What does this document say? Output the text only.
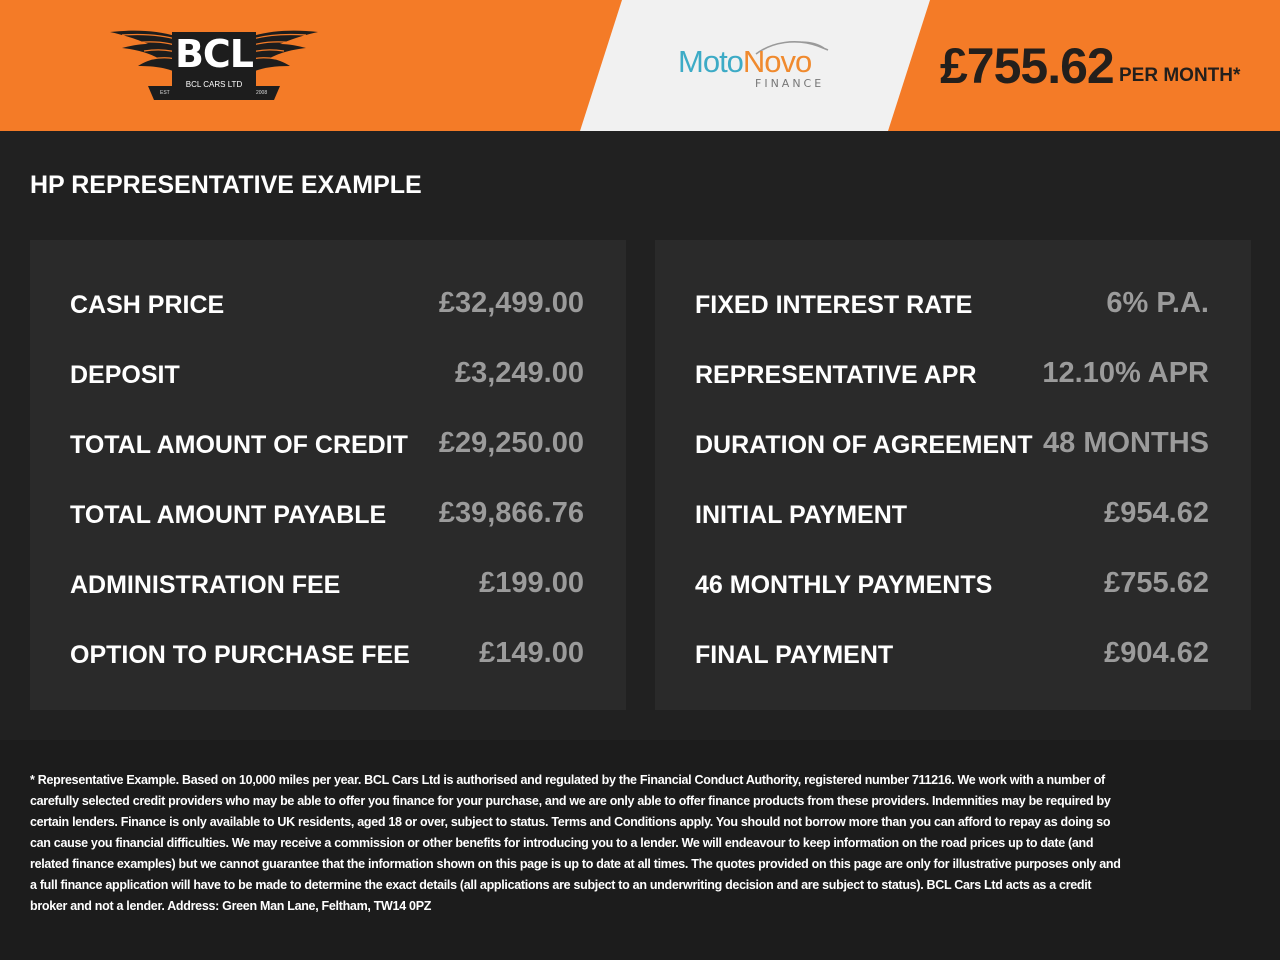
BCL
BCL CARS LTD
EST	2008
MotoNovo
FINANCE £755.62 PER MONTH*
HP REPRESENTATIVE EXAMPLE
CASH PRICE	£32,499.00
DEPOSIT	£3,249.00
TOTAL AMOUNT OF CREDIT £29,250.00
TOTAL AMOUNT PAYABLE £39,866.76
ADMINISTRATION FEE	£199.00
OPTION TO PURCHASE FEE £149.00
FIXED INTEREST RATE	6% P.A.
REPRESENTATIVE APR 12.10% APR
DURATION OF AGREEMENT 48 MONTHS
INITIAL PAYMENT	£954.62
46 MONTHLY PAYMENTS	£755.62
FINAL PAYMENT	£904.62
* Representative Example. Based on 10,000 miles per year. BCL Cars Ltd is authorised and regulated by the Financial Conduct Authority, registered number 711216. We work with a number of carefully selected credit providers who may be able to offer you finance for your purchase, and we are only able to offer finance products from these providers. Indemnities may be required by certain lenders. Finance is only available to UK residents, aged 18 or over, subject to status. Terms and Conditions apply. You should not borrow more than you can afford to repay as doing so can cause you financial difficulties. We may receive a commission or other benefits for introducing you to a lender. We will endeavour to keep information on the road prices up to date (and related finance examples) but we cannot guarantee that the information shown on this page is up to date at all times. The quotes provided on this page are only for illustrative purposes only and a full finance application will have to be made to determine the exact details (all applications are subject to an underwriting decision and are subject to status). BCL Cars Ltd acts as a credit broker and not a lender. Address: Green Man Lane, Feltham, TW14 0PZ
